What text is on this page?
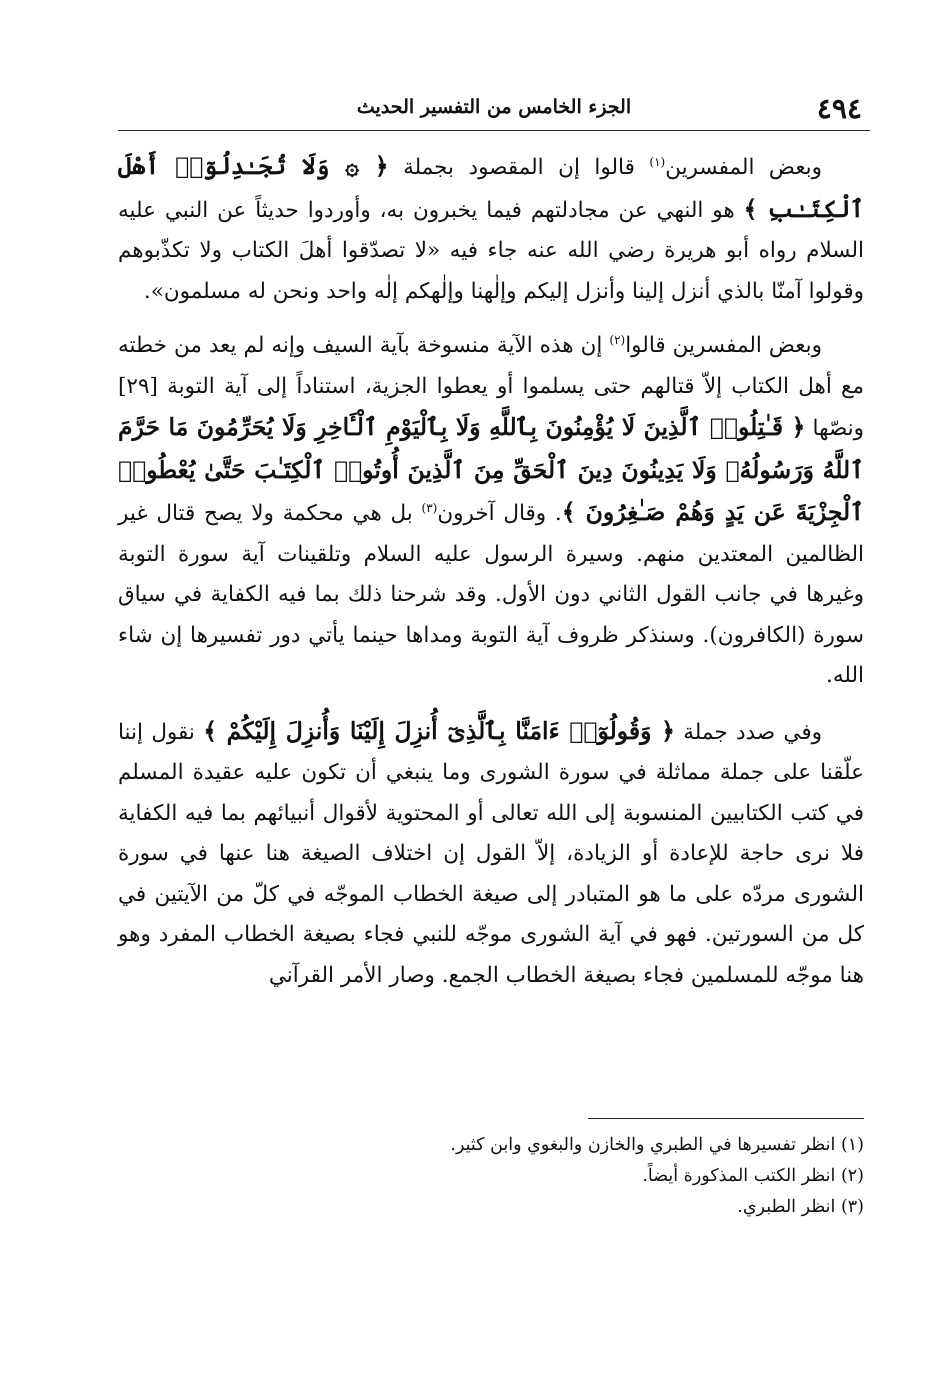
٤٩٤
الجزء الخامس من التفسير الحديث

وبعض المفسرين$^{(١)}$ قالوا إن المقصود بجملة ﴿ ۞ وَلَا تُجَـٰدِلُوٓا۟ أَهْلَ ٱلْكِتَـٰبِ ﴾ هو النهي عن مجادلتهم فيما يخبرون به، وأوردوا حديثاً عن النبي عليه السلام رواه أبو هريرة رضي الله عنه جاء فيه «لا تصدّقوا أهلَ الكتاب ولا تكذّبوهم وقولوا آمنّا بالذي أنزل إلينا وأنزل إليكم وإلٰهنا وإلٰهكم إلٰه واحد ونحن له مسلمون».

وبعض المفسرين قالوا$^{(٢)}$ إن هذه الآية منسوخة بآية السيف وإنه لم يعد من خطته مع أهل الكتاب إلاّ قتالهم حتى يسلموا أو يعطوا الجزية، استناداً إلى آية التوبة [٢٩] ونصّها ﴿ قَـٰتِلُوا۟ ٱلَّذِينَ لَا يُؤْمِنُونَ بِٱللَّهِ وَلَا بِٱلْيَوْمِ ٱلْـَٔاخِرِ وَلَا يُحَرِّمُونَ مَا حَرَّمَ ٱللَّهُ وَرَسُولُهُۥ وَلَا يَدِينُونَ دِينَ ٱلْحَقِّ مِنَ ٱلَّذِينَ أُوتُوا۟ ٱلْكِتَـٰبَ حَتَّىٰ يُعْطُوا۟ ٱلْجِزْيَةَ عَن يَدٍ وَهُمْ صَـٰغِرُونَ ﴾. وقال آخرون$^{(٣)}$ بل هي محكمة ولا يصح قتال غير الظالمين المعتدين منهم. وسيرة الرسول عليه السلام وتلقينات آية سورة التوبة وغيرها في جانب القول الثاني دون الأول. وقد شرحنا ذلك بما فيه الكفاية في سياق سورة (الكافرون). وسنذكر ظروف آية التوبة ومداها حينما يأتي دور تفسيرها إن شاء الله.

وفي صدد جملة ﴿ وَقُولُوٓا۟ ءَامَنَّا بِٱلَّذِىٓ أُنزِلَ إِلَيْنَا وَأُنزِلَ إِلَيْكُمْ ﴾ نقول إننا علّقنا على جملة مماثلة في سورة الشورى وما ينبغي أن تكون عليه عقيدة المسلم في كتب الكتابيين المنسوبة إلى الله تعالى أو المحتوية لأقوال أنبيائهم بما فيه الكفاية فلا نرى حاجة للإعادة أو الزيادة، إلاّ القول إن اختلاف الصيغة هنا عنها في سورة الشورى مردّه على ما هو المتبادر إلى صيغة الخطاب الموجّه في كلّ من الآيتين في كل من السورتين. فهو في آية الشورى موجّه للنبي فجاء بصيغة الخطاب المفرد وهو هنا موجّه للمسلمين فجاء بصيغة الخطاب الجمع. وصار الأمر القرآني

(١) انظر تفسيرها في الطبري والخازن والبغوي وابن كثير.

(٢) انظر الكتب المذكورة أيضاً.

(٣) انظر الطبري.
